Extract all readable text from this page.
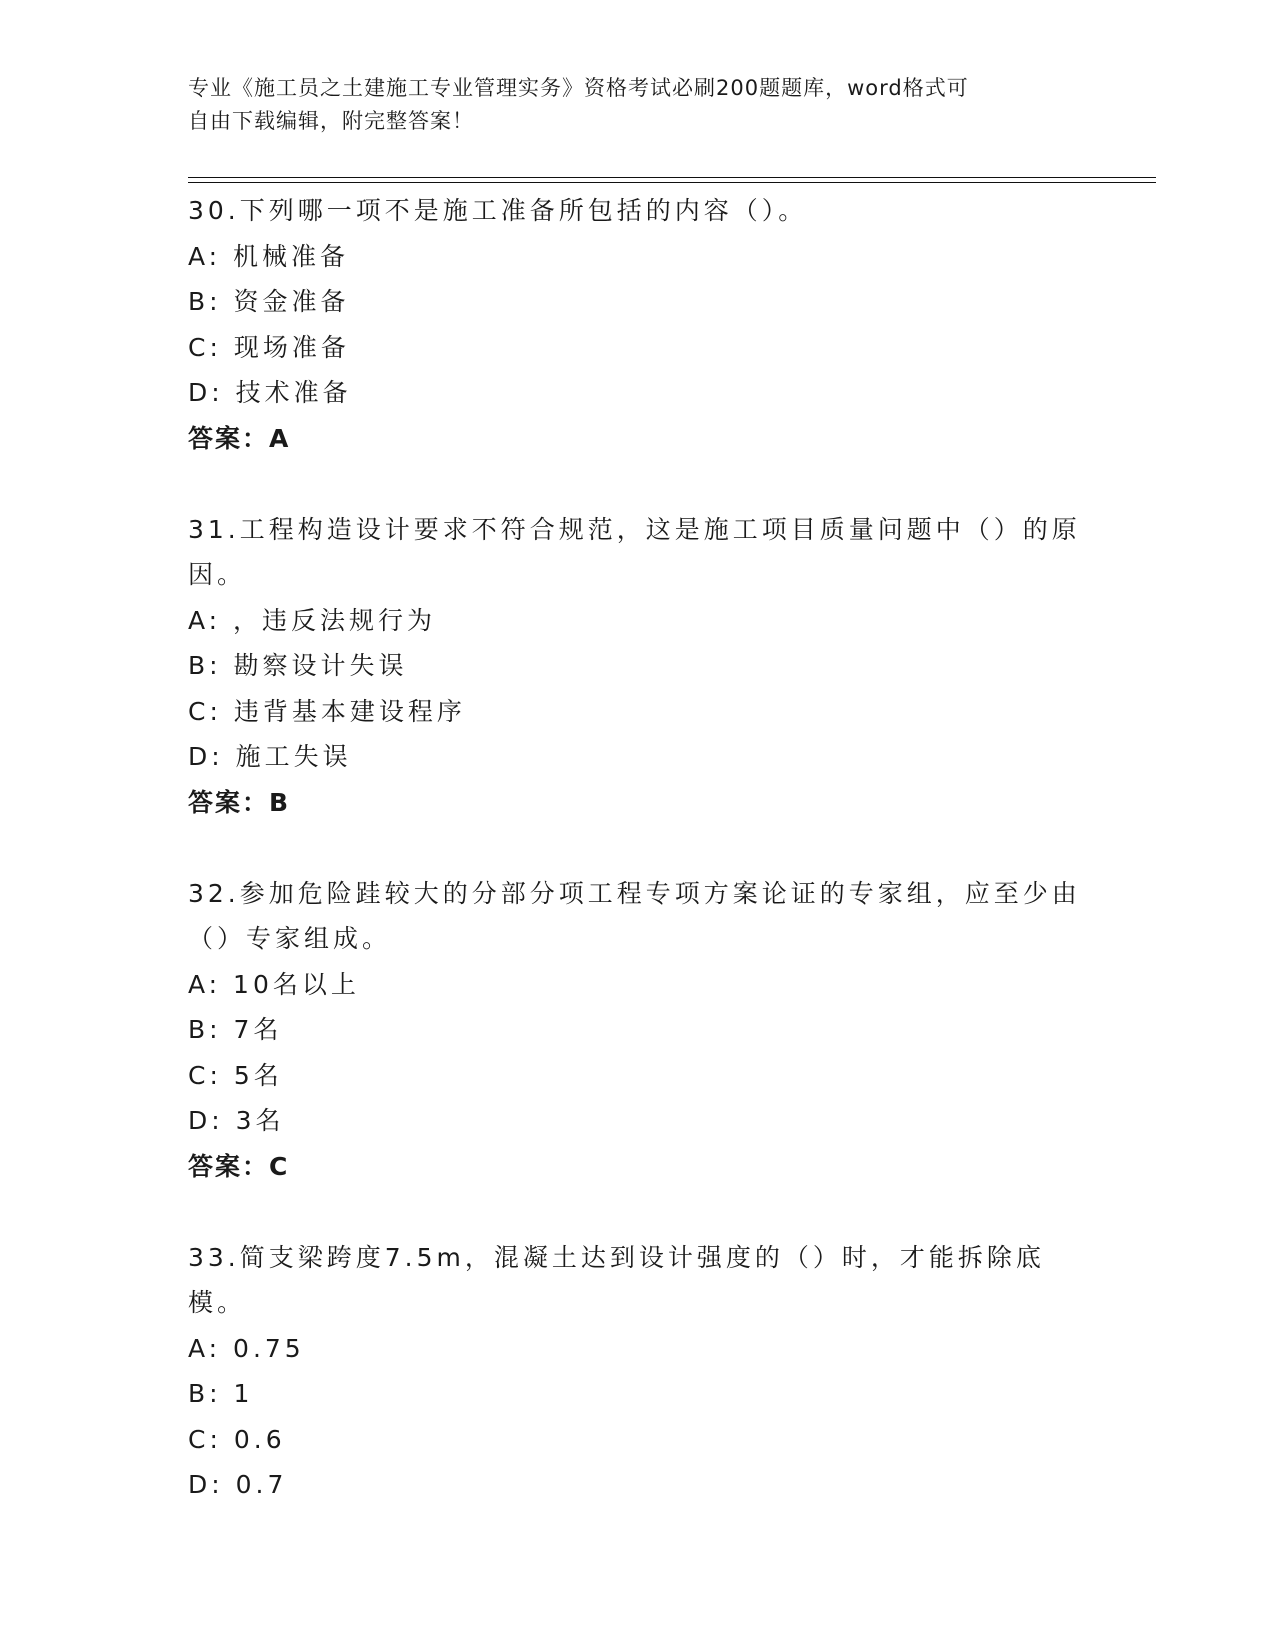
专业《施工员之土建施工专业管理实务》资格考试必刷200题题库，word格式可
自由下载编辑，附完整答案！
30.下列哪一项不是施工准备所包括的内容（）。
A: 机械准备
B: 资金准备
C: 现场准备
D: 技术准备
答案：A
31.工程构造设计要求不符合规范，这是施工项目质量问题中（）的原因。
A: ，违反法规行为
B: 勘察设计失误
C: 违背基本建设程序
D: 施工失误
答案：B
32.参加危险跬较大的分部分项工程专项方案论证的专家组，应至少由（）专家组成。
A: 10名以上
B: 7名
C: 5名
D: 3名
答案：C
33.简支梁跨度7.5m，混凝土达到设计强度的（）时，才能拆除底模。
A: 0.75
B: 1
C: 0.6
D: 0.7
